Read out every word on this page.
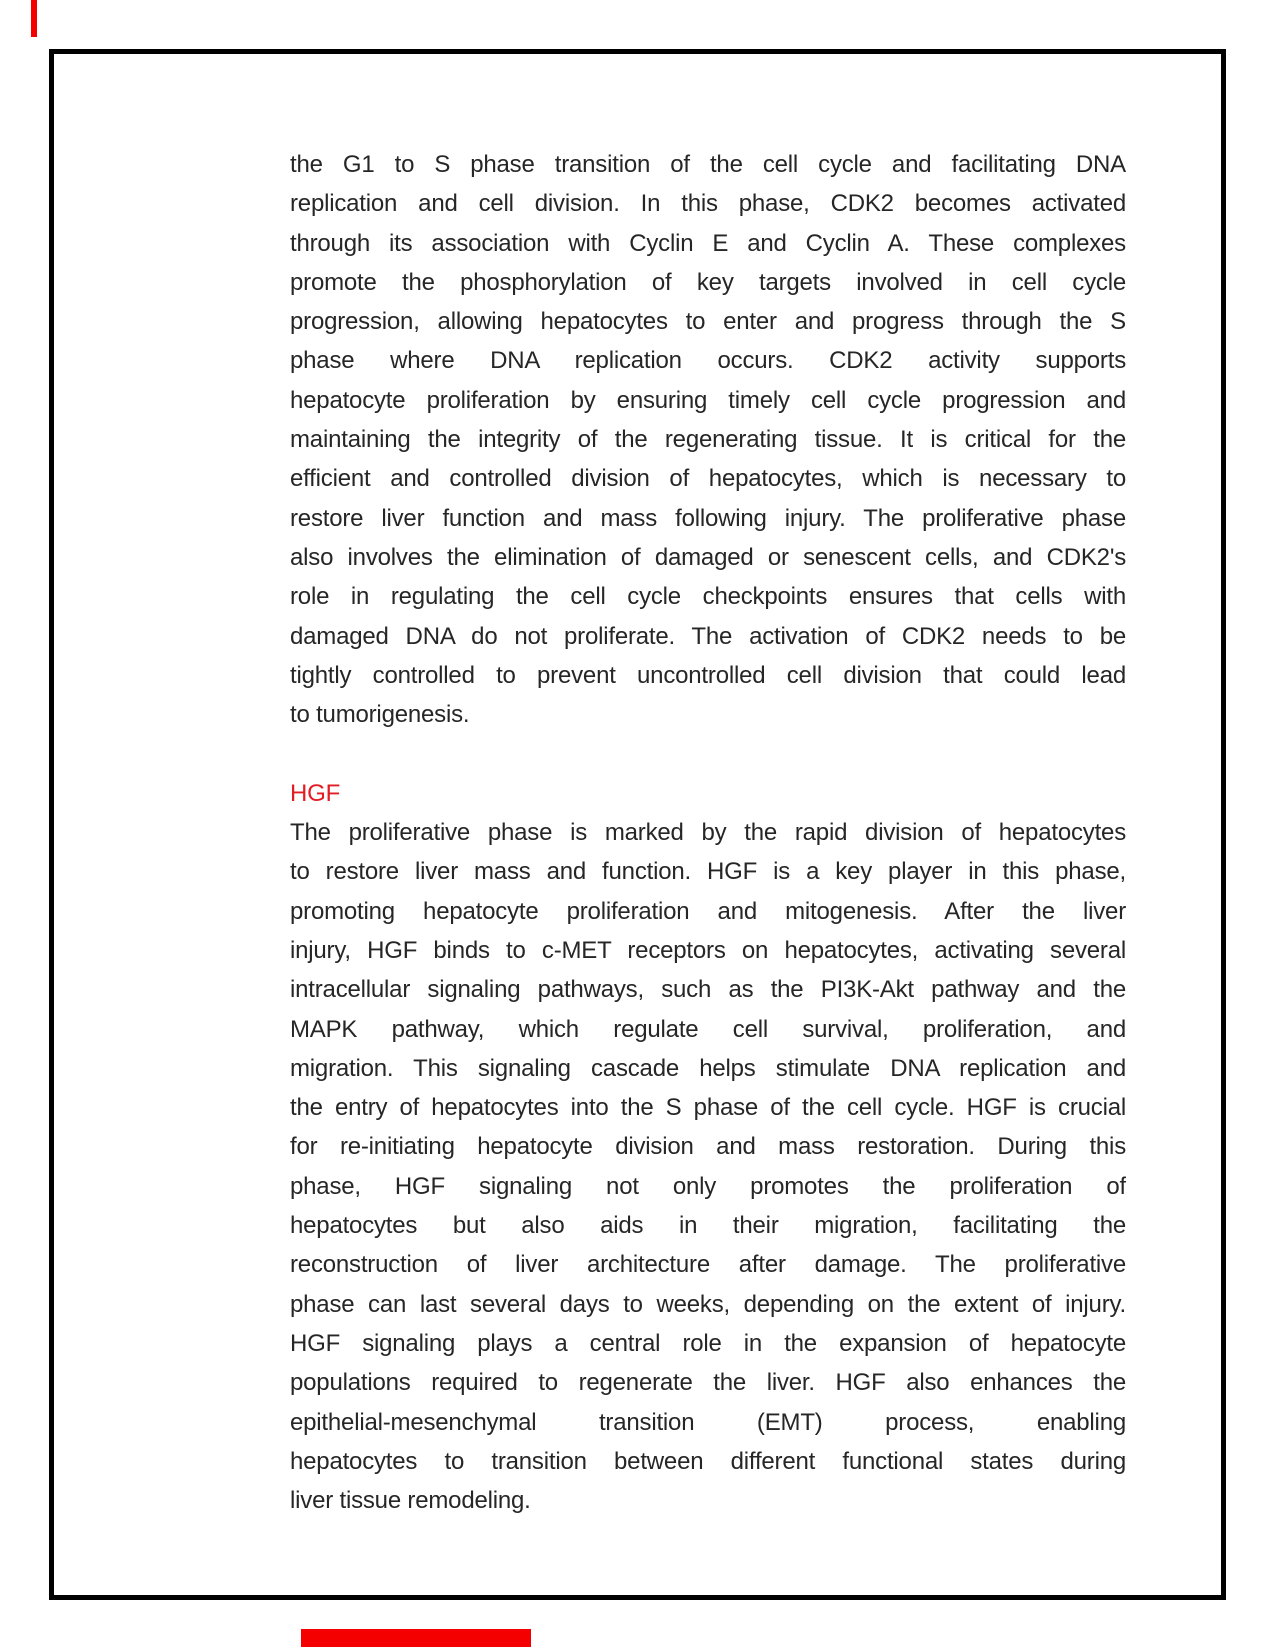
the G1 to S phase transition of the cell cycle and facilitating DNA
replication and cell division. In this phase, CDK2 becomes activated
through its association with Cyclin E and Cyclin A. These complexes
promote the phosphorylation of key targets involved in cell cycle
progression, allowing hepatocytes to enter and progress through the S
phase where DNA replication occurs. CDK2 activity supports
hepatocyte proliferation by ensuring timely cell cycle progression and
maintaining the integrity of the regenerating tissue. It is critical for the
efficient and controlled division of hepatocytes, which is necessary to
restore liver function and mass following injury. The proliferative phase
also involves the elimination of damaged or senescent cells, and CDK2's
role in regulating the cell cycle checkpoints ensures that cells with
damaged DNA do not proliferate. The activation of CDK2 needs to be
tightly controlled to prevent uncontrolled cell division that could lead
to tumorigenesis.
HGF
The proliferative phase is marked by the rapid division of hepatocytes
to restore liver mass and function. HGF is a key player in this phase,
promoting hepatocyte proliferation and mitogenesis. After the liver
injury, HGF binds to c-MET receptors on hepatocytes, activating several
intracellular signaling pathways, such as the PI3K-Akt pathway and the
MAPK pathway, which regulate cell survival, proliferation, and
migration. This signaling cascade helps stimulate DNA replication and
the entry of hepatocytes into the S phase of the cell cycle. HGF is crucial
for re-initiating hepatocyte division and mass restoration. During this
phase, HGF signaling not only promotes the proliferation of
hepatocytes but also aids in their migration, facilitating the
reconstruction of liver architecture after damage. The proliferative
phase can last several days to weeks, depending on the extent of injury.
HGF signaling plays a central role in the expansion of hepatocyte
populations required to regenerate the liver. HGF also enhances the
epithelial-mesenchymal transition (EMT) process, enabling
hepatocytes to transition between different functional states during
liver tissue remodeling.
